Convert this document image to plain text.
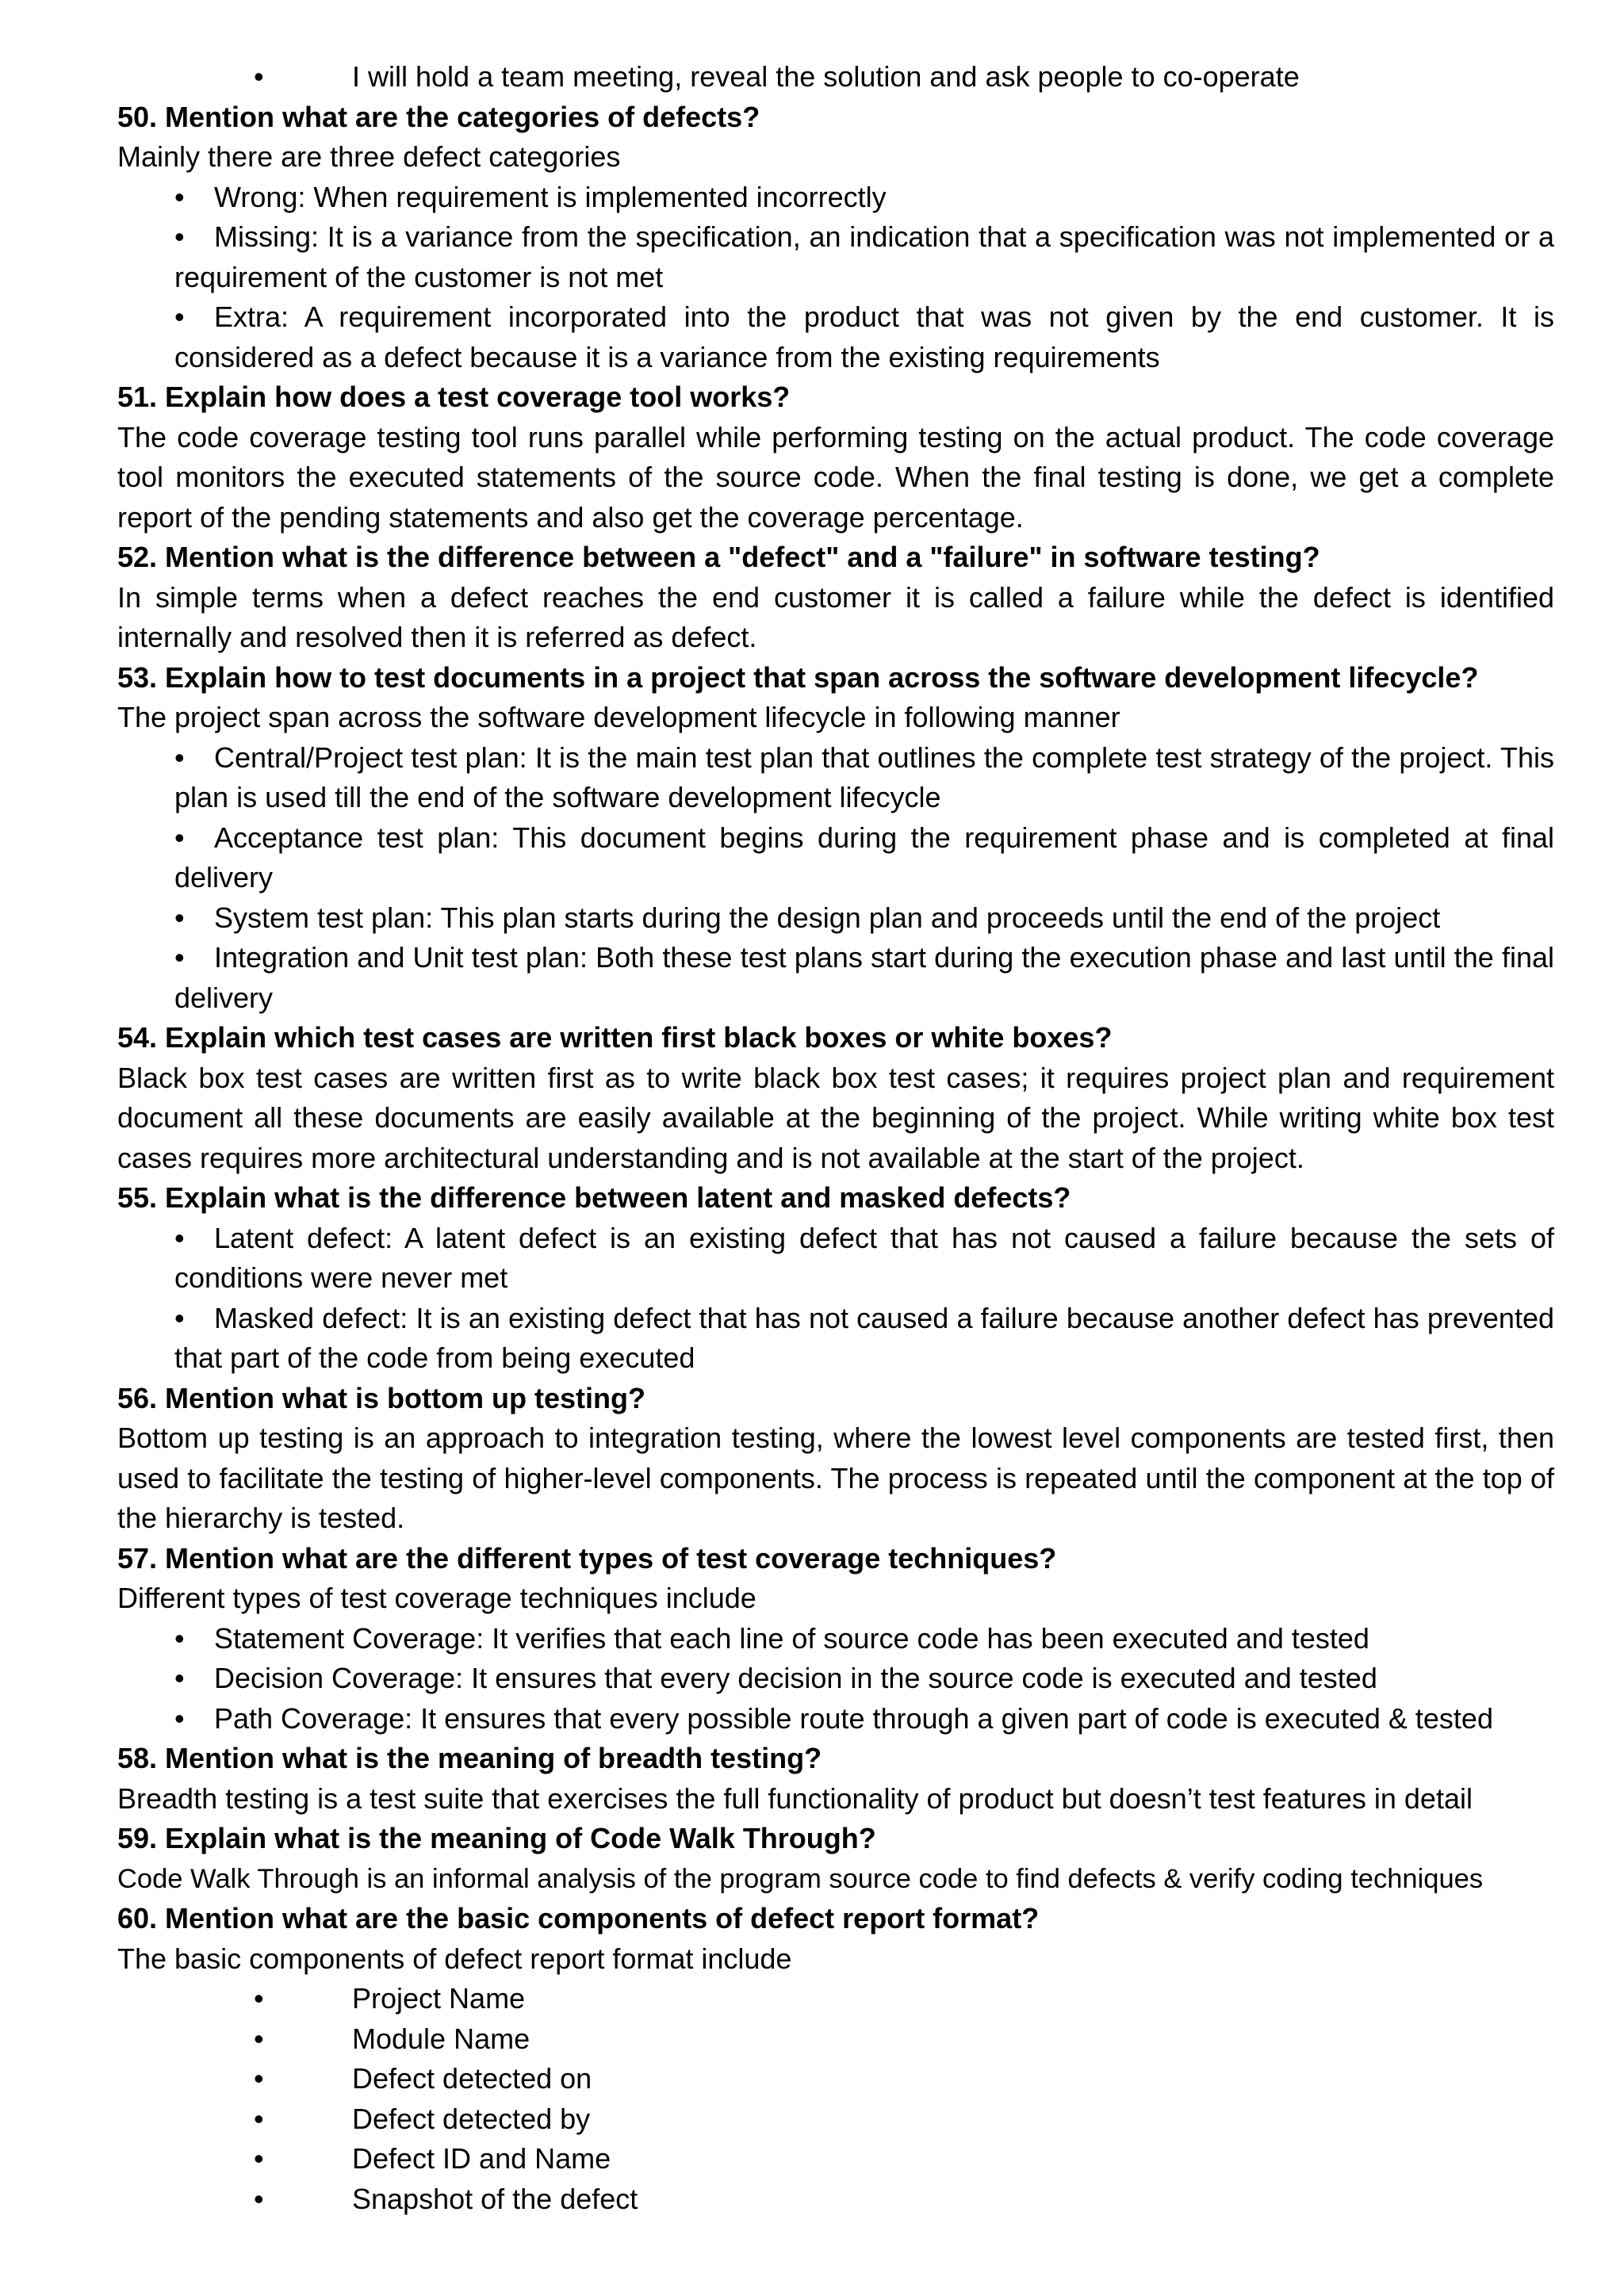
•	I will hold a team meeting, reveal the solution and ask people to co-operate

50. Mention what are the categories of defects?

Mainly there are three defect categories

• Wrong: When requirement is implemented incorrectly
• Missing: It is a variance from the specification, an indication that a specification was not implemented or a requirement of the customer is not met
• Extra: A requirement incorporated into the product that was not given by the end customer. It is considered as a defect because it is a variance from the existing requirements

51. Explain how does a test coverage tool works?

The code coverage testing tool runs parallel while performing testing on the actual product. The code coverage tool monitors the executed statements of the source code. When the final testing is done, we get a complete report of the pending statements and also get the coverage percentage.

52. Mention what is the difference between a "defect" and a "failure" in software testing?

In simple terms when a defect reaches the end customer it is called a failure while the defect is identified internally and resolved then it is referred as defect.

53. Explain how to test documents in a project that span across the software development lifecycle?

The project span across the software development lifecycle in following manner

• Central/Project test plan: It is the main test plan that outlines the complete test strategy of the project. This plan is used till the end of the software development lifecycle
• Acceptance test plan: This document begins during the requirement phase and is completed at final delivery
• System test plan: This plan starts during the design plan and proceeds until the end of the project
• Integration and Unit test plan: Both these test plans start during the execution phase and last until the final delivery

54. Explain which test cases are written first black boxes or white boxes?

Black box test cases are written first as to write black box test cases; it requires project plan and requirement document all these documents are easily available at the beginning of the project. While writing white box test cases requires more architectural understanding and is not available at the start of the project.

55. Explain what is the difference between latent and masked defects?

• Latent defect: A latent defect is an existing defect that has not caused a failure because the sets of conditions were never met
• Masked defect: It is an existing defect that has not caused a failure because another defect has prevented that part of the code from being executed

56. Mention what is bottom up testing?

Bottom up testing is an approach to integration testing, where the lowest level components are tested first, then used to facilitate the testing of higher-level components. The process is repeated until the component at the top of the hierarchy is tested.

57. Mention what are the different types of test coverage techniques?

Different types of test coverage techniques include

• Statement Coverage: It verifies that each line of source code has been executed and tested
• Decision Coverage: It ensures that every decision in the source code is executed and tested
• Path Coverage: It ensures that every possible route through a given part of code is executed & tested

58. Mention what is the meaning of breadth testing?

Breadth testing is a test suite that exercises the full functionality of product but doesn’t test features in detail

59. Explain what is the meaning of Code Walk Through?

Code Walk Through is an informal analysis of the program source code to find defects & verify coding techniques

60. Mention what are the basic components of defect report format?

The basic components of defect report format include

•	Project Name
•	Module Name
•	Defect detected on
•	Defect detected by
•	Defect ID and Name
•	Snapshot of the defect
